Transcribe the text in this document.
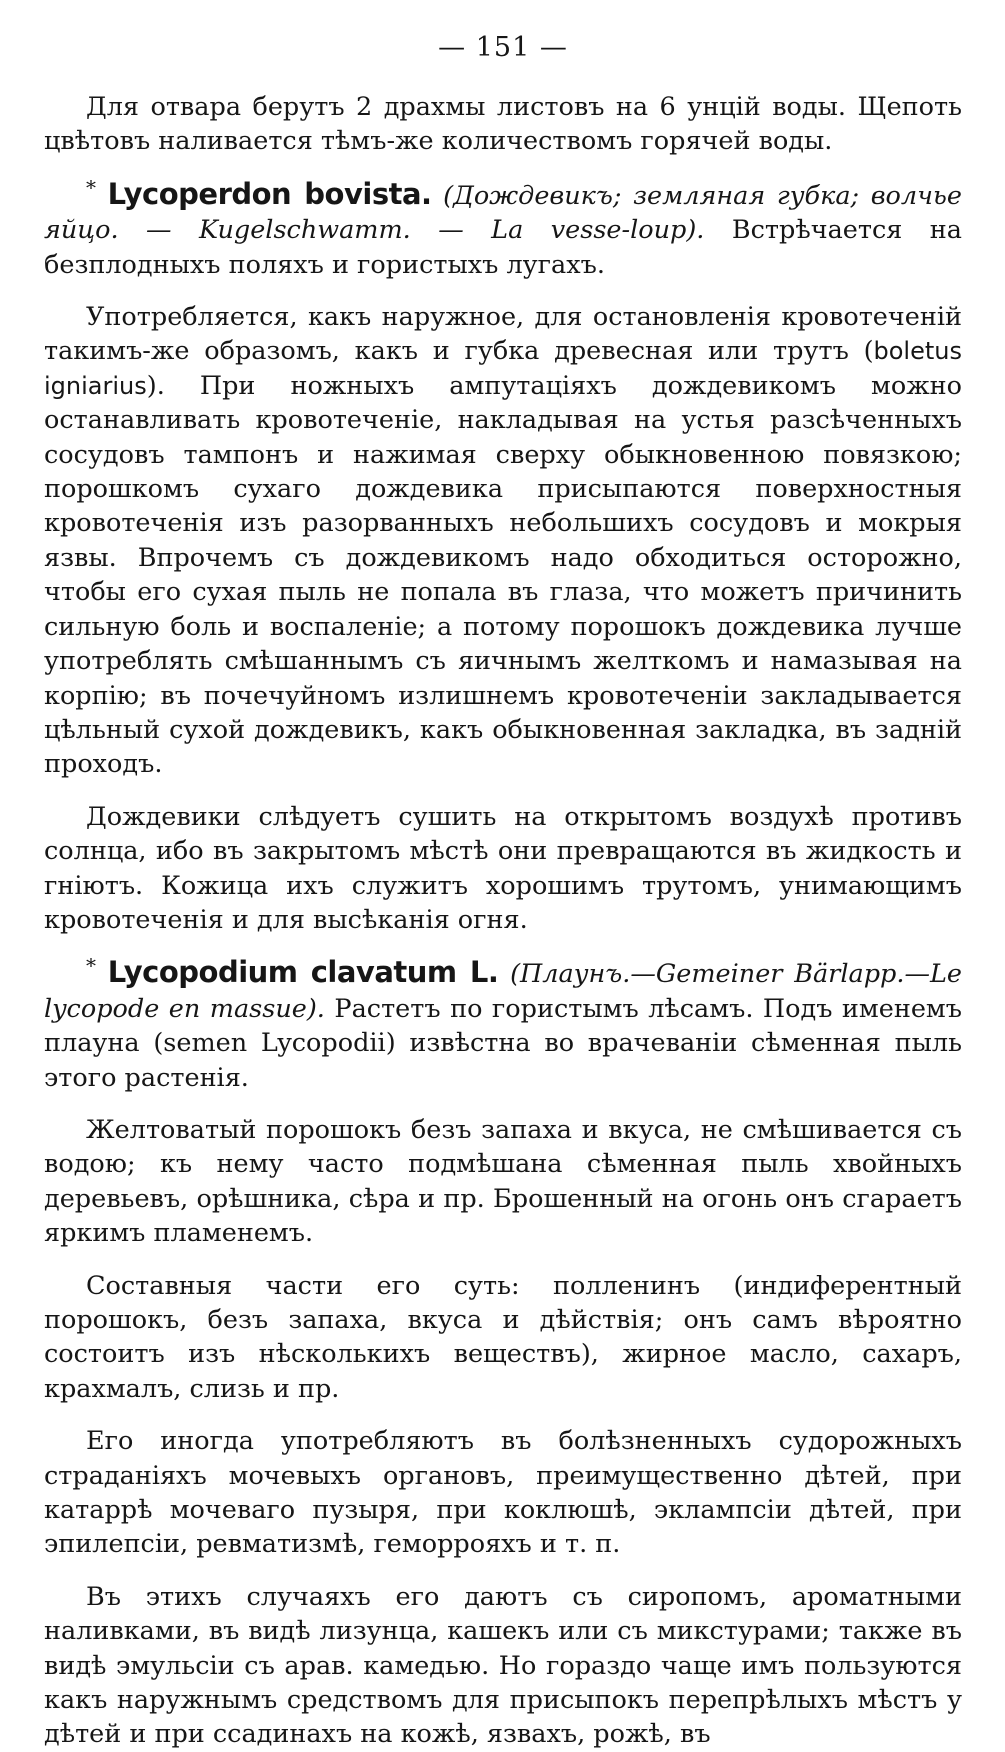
— 151 —

Для отвара берутъ 2 драхмы листовъ на 6 унцій воды. Щепоть цвѣтовъ наливается тѣмъ-же количествомъ горячей воды.

* Lycoperdon bovista. (Дождевикъ; земляная губка; волчье яйцо. — Kugelschwamm. — La vesse-loup). Встрѣчается на безплодныхъ поляхъ и гористыхъ лугахъ.

Употребляется, какъ наружное, для остановленія кровотеченій такимъ-же образомъ, какъ и губка древесная или трутъ (boletus igniarius). При ножныхъ ампутаціяхъ дождевикомъ можно останавливать кровотеченіе, накладывая на устья разсѣченныхъ сосудовъ тампонъ и нажимая сверху обыкновенною повязкою; порошкомъ сухаго дождевика присыпаются поверхностныя кровотеченія изъ разорванныхъ небольшихъ сосудовъ и мокрыя язвы. Впрочемъ съ дождевикомъ надо обходиться осторожно, чтобы его сухая пыль не попала въ глаза, что можетъ причинить сильную боль и воспаленіе; а потому порошокъ дождевика лучше употреблять смѣшаннымъ съ яичнымъ желткомъ и намазывая на корпію; въ почечуйномъ излишнемъ кровотеченіи закладывается цѣльный сухой дождевикъ, какъ обыкновенная закладка, въ заднiй проходъ.

Дождевики слѣдуетъ сушить на открытомъ воздухѣ противъ солнца, ибо въ закрытомъ мѣстѣ они превращаются въ жидкость и гніютъ. Кожица ихъ служитъ хорошимъ трутомъ, унимающимъ кровотеченія и для высѣканія огня.

* Lycopodium clavatum L. (Плаунъ.—Gemeiner Bärlapp.—Le lycopode en massue). Растетъ по гористымъ лѣсамъ. Подъ именемъ плауна (semen Lycopodii) извѣстна во врачеваніи сѣменная пыль этого растенія.

Желтоватый порошокъ безъ запаха и вкуса, не смѣшивается съ водою; къ нему часто подмѣшана сѣменная пыль хвойныхъ деревьевъ, орѣшника, сѣра и пр. Брошенный на огонь онъ сгараетъ яркимъ пламенемъ.

Составныя части его суть: полленинъ (индиферентный порошокъ, безъ запаха, вкуса и дѣйствія; онъ самъ вѣроятно состоитъ изъ нѣсколькихъ веществъ), жирное масло, сахаръ, крахмалъ, слизь и пр.

Его иногда употребляютъ въ болѣзненныхъ судорожныхъ страданіяхъ мочевыхъ органовъ, преимущественно дѣтей, при катаррѣ мочеваго пузыря, при коклюшѣ, эклампсіи дѣтей, при эпилепсіи, ревматизмѣ, геморрояхъ и т. п.

Въ этихъ случаяхъ его даютъ съ сиропомъ, ароматными наливками, въ видѣ лизунца, кашекъ или съ микстурами; также въ видѣ эмульсіи съ арав. камедью. Но гораздо чаще имъ пользуются какъ наружнымъ средствомъ для присыпокъ перепрѣлыхъ мѣстъ у дѣтей и при ссадинахъ на кожѣ, язвахъ, рожѣ, въ
